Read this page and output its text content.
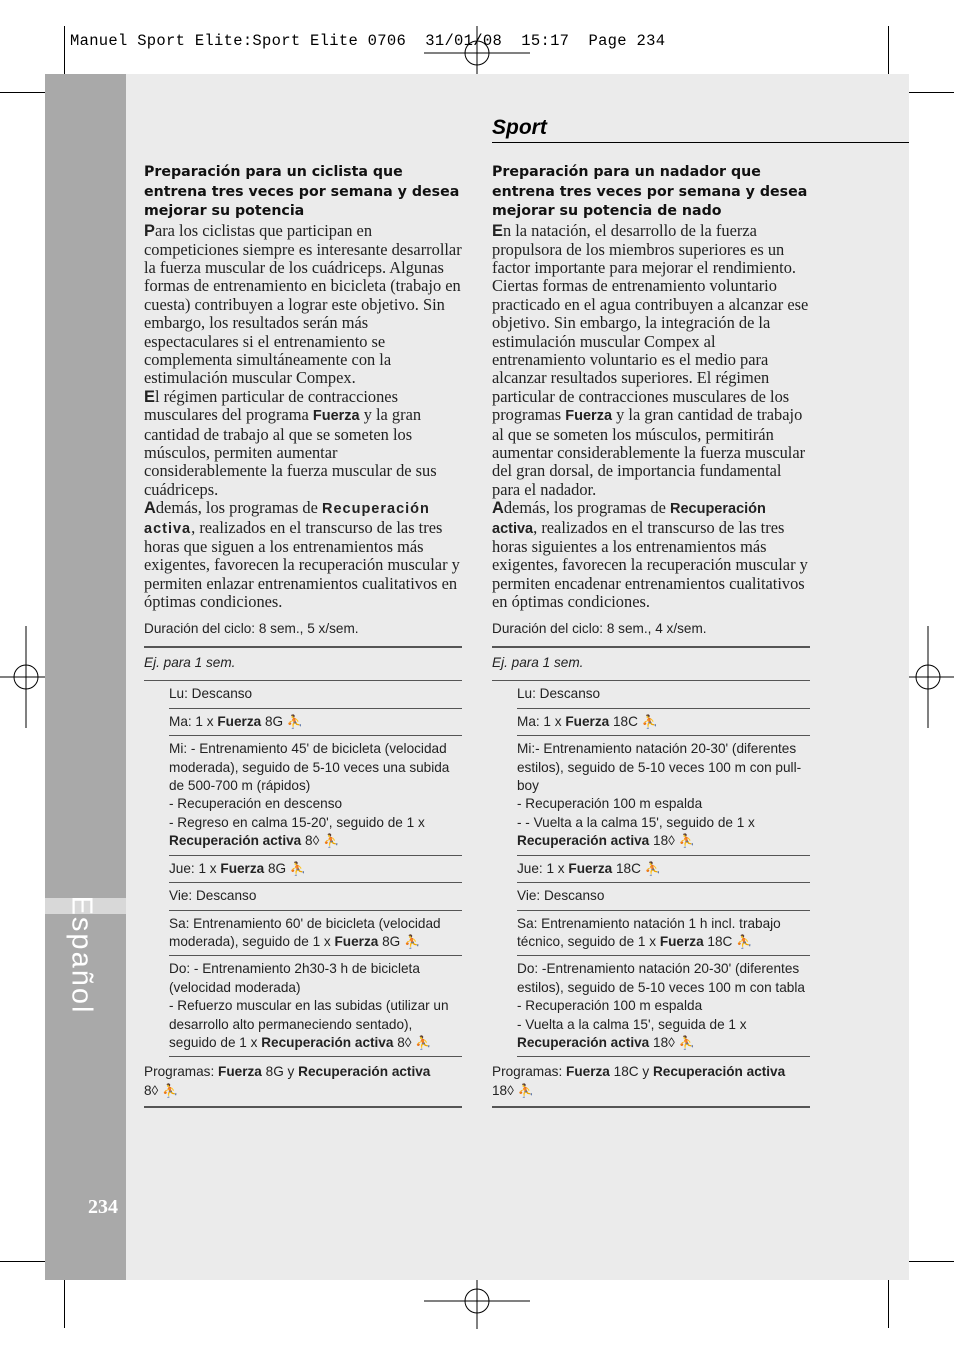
Manuel Sport Elite:Sport Elite 0706  31/01/08  15:17  Page 234
Español
234
Sport
Preparación para un ciclista que entrena tres veces por semana y desea mejorar su potencia

Para los ciclistas que participan en competiciones siempre es interesante desarrollar la fuerza muscular de los cuádriceps. Algunas formas de entrenamiento en bicicleta (trabajo en cuesta) contribuyen a lograr este objetivo. Sin embargo, los resultados serán más espectaculares si el entrenamiento se complementa simultáneamente con la estimulación muscular Compex.

El régimen particular de contracciones musculares del programa Fuerza y la gran cantidad de trabajo al que se someten los músculos, permiten aumentar considerablemente la fuerza muscular de sus cuádriceps.

Además, los programas de Recuperación activa, realizados en el transcurso de las tres horas que siguen a los entrenamientos más exigentes, favorecen la recuperación muscular y permiten enlazar entrenamientos cualitativos en óptimas condiciones.

Duración del ciclo: 8 sem., 5 x/sem.
Ej. para 1 sem.
Lu: Descanso
Ma: 1 x Fuerza 8G ⛹
Mi: - Entrenamiento 45' de bicicleta (velocidad moderada), seguido de 5-10 veces una subida de 500-700 m (rápidos)
- Recuperación en descenso
- Regreso en calma 15-20', seguido de 1 x
Recuperación activa 8◊ ⛹
Jue: 1 x Fuerza 8G ⛹
Vie: Descanso
Sa: Entrenamiento 60' de bicicleta (velocidad moderada), seguido de 1 x Fuerza 8G ⛹
Do: - Entrenamiento 2h30-3 h de bicicleta (velocidad moderada)
- Refuerzo muscular en las subidas (utilizar un desarrollo alto permaneciendo sentado), seguido de 1 x Recuperación activa 8◊ ⛹
Programas: Fuerza 8G y Recuperación activa
8◊ ⛹
Preparación para un nadador que entrena tres veces por semana y desea mejorar su potencia de nado

En la natación, el desarrollo de la fuerza propulsora de los miembros superiores es un factor importante para mejorar el rendimiento. Ciertas formas de entrenamiento voluntario practicado en el agua contribuyen a alcanzar ese objetivo. Sin embargo, la integración de la estimulación muscular Compex al entrenamiento voluntario es el medio para alcanzar resultados superiores. El régimen particular de contracciones musculares de los programas Fuerza y la gran cantidad de trabajo al que se someten los músculos, permitirán aumentar considerablemente la fuerza muscular del gran dorsal, de importancia fundamental para el nadador.

Además, los programas de Recuperación activa, realizados en el transcurso de las tres horas siguientes a los entrenamientos más exigentes, favorecen la recuperación muscular y permiten encadenar entrenamientos cualitativos en óptimas condiciones.

Duración del ciclo: 8 sem., 4 x/sem.
Ej. para 1 sem.
Lu: Descanso
Ma: 1 x Fuerza 18C ⛹
Mi:- Entrenamiento natación 20-30' (diferentes estilos), seguido de 5-10 veces 100 m con pull-boy
- Recuperación 100 m espalda
- - Vuelta a la calma 15', seguido de 1 x Recuperación activa 18◊ ⛹
Jue: 1 x Fuerza 18C ⛹
Vie: Descanso
Sa: Entrenamiento natación 1 h incl. trabajo técnico, seguido de 1 x Fuerza 18C ⛹
Do: -Entrenamiento natación 20-30' (diferentes estilos), seguido de 5-10 veces 100 m con tabla
- Recuperación 100 m espalda
- Vuelta a la calma 15', seguida de 1 x Recuperación activa 18◊ ⛹
Programas: Fuerza 18C y Recuperación activa 18◊ ⛹
